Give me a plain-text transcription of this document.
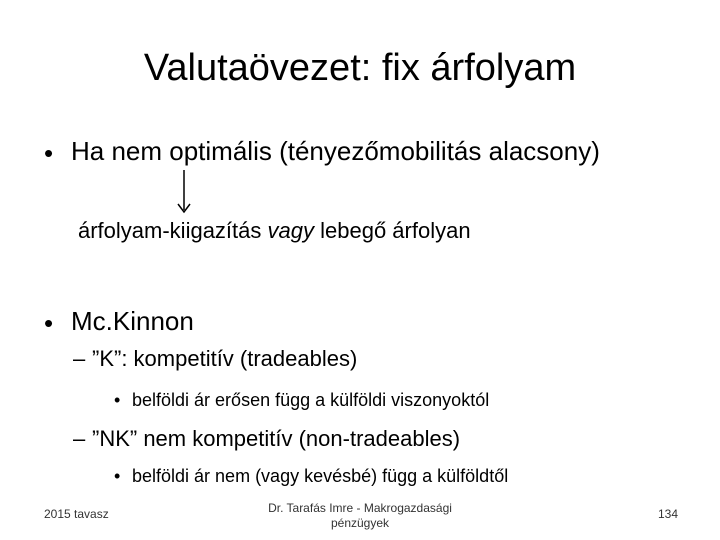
Valutaövezet: fix árfolyam
• Ha nem optimális (tényezőmobilitás alacsony)
árfolyam-kiigazítás vagy lebegő árfolyan
• Mc.Kinnon
– ”K”: kompetitív (tradeables)
• belföldi ár erősen függ a külföldi viszonyoktól
– ”NK” nem kompetitív (non-tradeables)
• belföldi ár nem (vagy kevésbé) függ a külföldtől
2015 tavasz	Dr. Tarafás Imre - Makrogazdasági pénzügyek
134
